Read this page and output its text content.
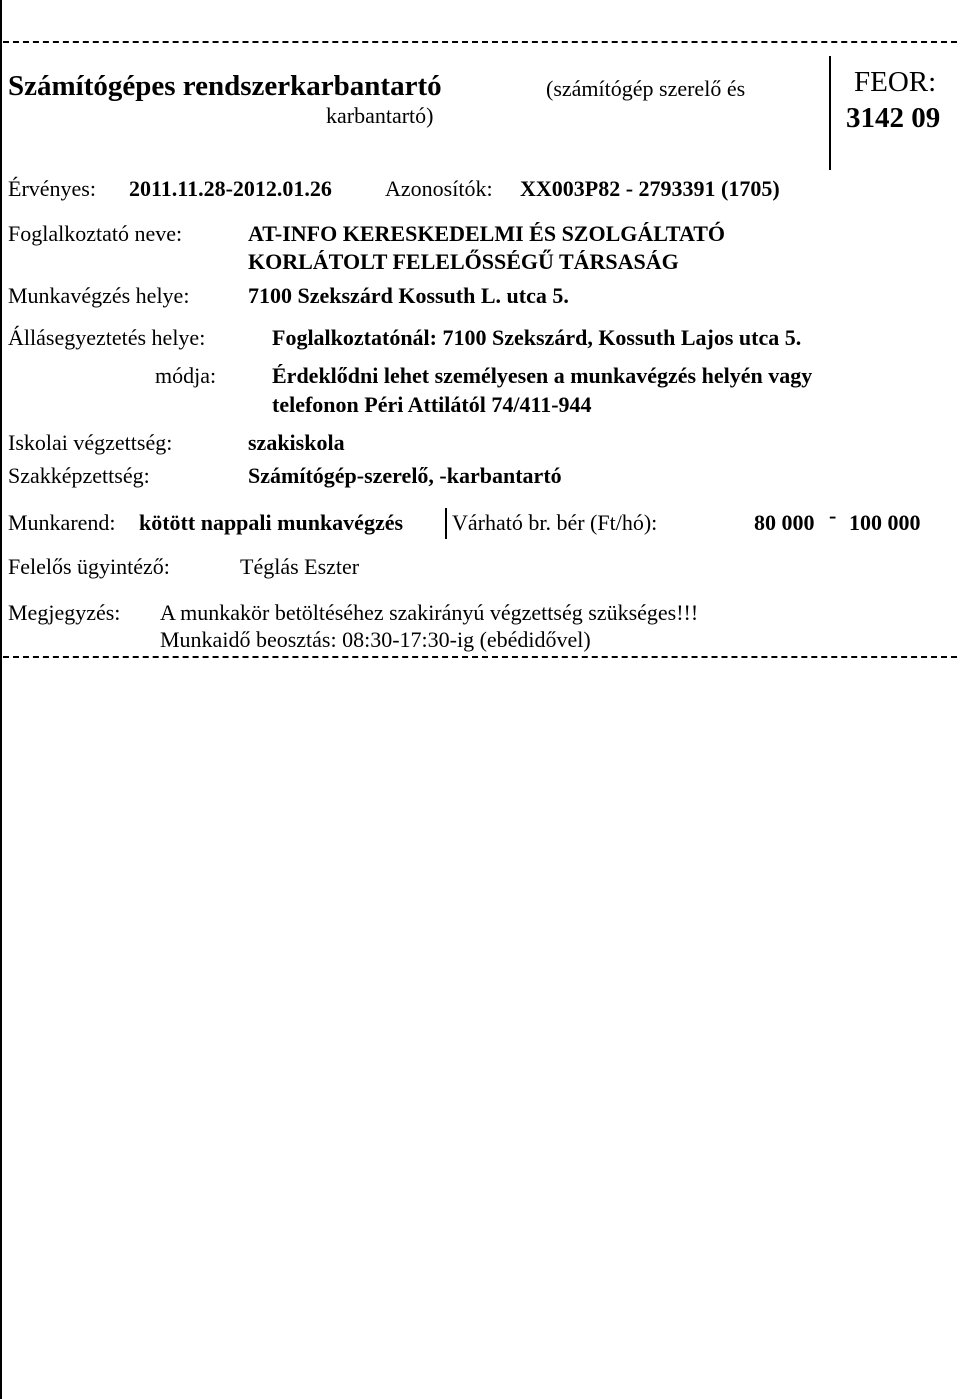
Számítógépes rendszerkarbantartó	(számítógép szerelő és
karbantartó)
FEOR:
3142 09
Érvényes: 2011.11.28-2012.01.26 Azonosítók: XX003P82 - 2793391 (1705)
Foglalkoztató neve:	AT-INFO KERESKEDELMI ÉS SZOLGÁLTATÓ
KORLÁTOLT FELELŐSSÉGŰ TÁRSASÁG
Munkavégzés helye:	7100 Szekszárd Kossuth L. utca 5.
Állásegyeztetés helye:	Foglalkoztatónál: 7100 Szekszárd, Kossuth Lajos utca 5.
módja:	Érdeklődni lehet személyesen a munkavégzés helyén vagy
telefonon Péri Attilától 74/411-944
Iskolai végzettség:	szakiskola
Szakképzettség:	Számítógép-szerelő, -karbantartó
Munkarend: kötött nappali munkavégzés Várható br. bér (Ft/hó):	80 000 - 100 000
Felelős ügyintéző:	Téglás Eszter
Megjegyzés: A munkakör betöltéséhez szakirányú végzettség szükséges!!!
Munkaidő beosztás: 08:30-17:30-ig (ebédidővel)
